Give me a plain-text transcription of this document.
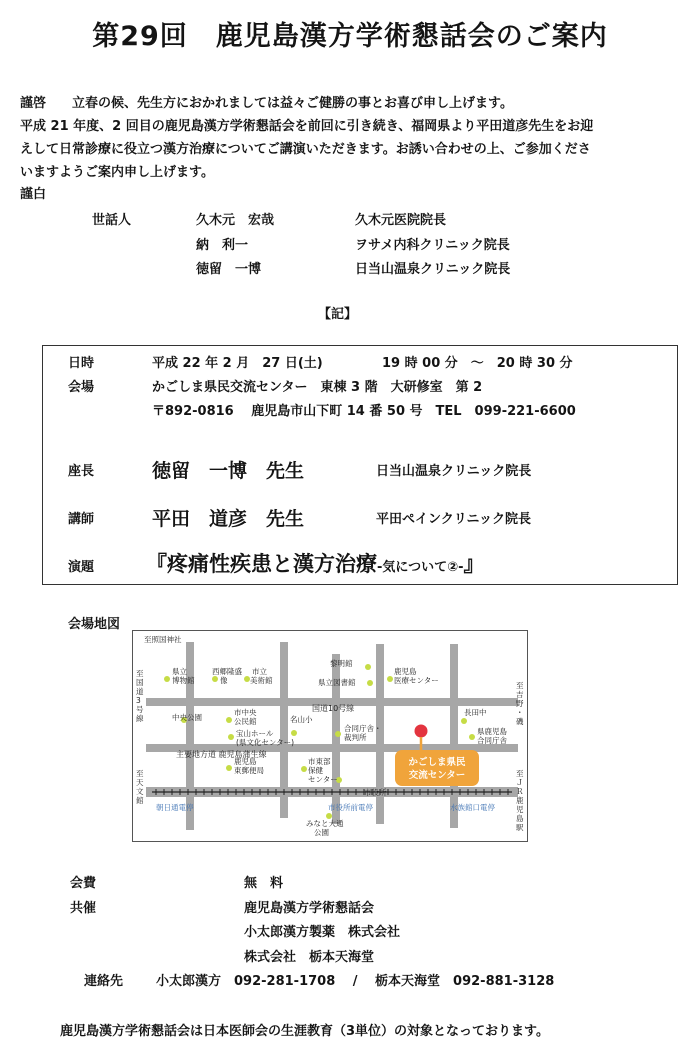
第29回　鹿児島漢方学術懇話会のご案内
謹啓　　立春の候、先生方におかれましては益々ご健勝の事とお喜び申し上げます。
平成 21 年度、2 回目の鹿児島漢方学術懇話会を前回に引き続き、福岡県より平田道彦先生をお迎
えして日常診療に役立つ漢方治療についてご講演いただきます。お誘い合わせの上、ご参加くださ
いますようご案内申し上げます。
謹白
世話人	久木元　宏哉	久木元医院院長
納　利一	ヲサメ内科クリニック院長
徳留　一博	日当山温泉クリニック院長
【記】
日時	平成 22 年 2 月　27 日(土)	19 時 00 分　～　20 時 30 分
会場	かごしま県民交流センター　東棟 3 階　大研修室　第 2
〒892-0816　 鹿児島市山下町 14 番 50 号　TEL　099-221-6600
座長	徳留　一博　先生	日当山温泉クリニック院長
講師	平田　道彦　先生	平田ペインクリニック院長
演題 『疼痛性疾患と漢方治療-気について②-』
会場地図
かごしま県民
交流センター
至照国神社
国道10号線
主要地方道 鹿児島蒲生線
中央公園	名山小
市役所
長田中
朝日通電停	市役所前電停	水族館口電停
県立博物館
西郷隆盛像
市立美術館
黎明館
県立図書館
鹿児島医療センター
市中央公民館
宝山ホール(県文化センター)
合同庁舎・裁判所
県鹿児島合同庁舎
鹿児島東郵便局
市東部保健センター
みなと大通公園
至国道 3 号線
至天文館
至吉野・磯
至ＪＲ鹿児島駅
会費	無　料
共催	鹿児島漢方学術懇話会
小太郎漢方製薬　株式会社
株式会社　栃本天海堂
連絡先	小太郎漢方　092-281-1708　 /　 栃本天海堂　092-881-3128
鹿児島漢方学術懇話会は日本医師会の生涯教育（3単位）の対象となっております。
